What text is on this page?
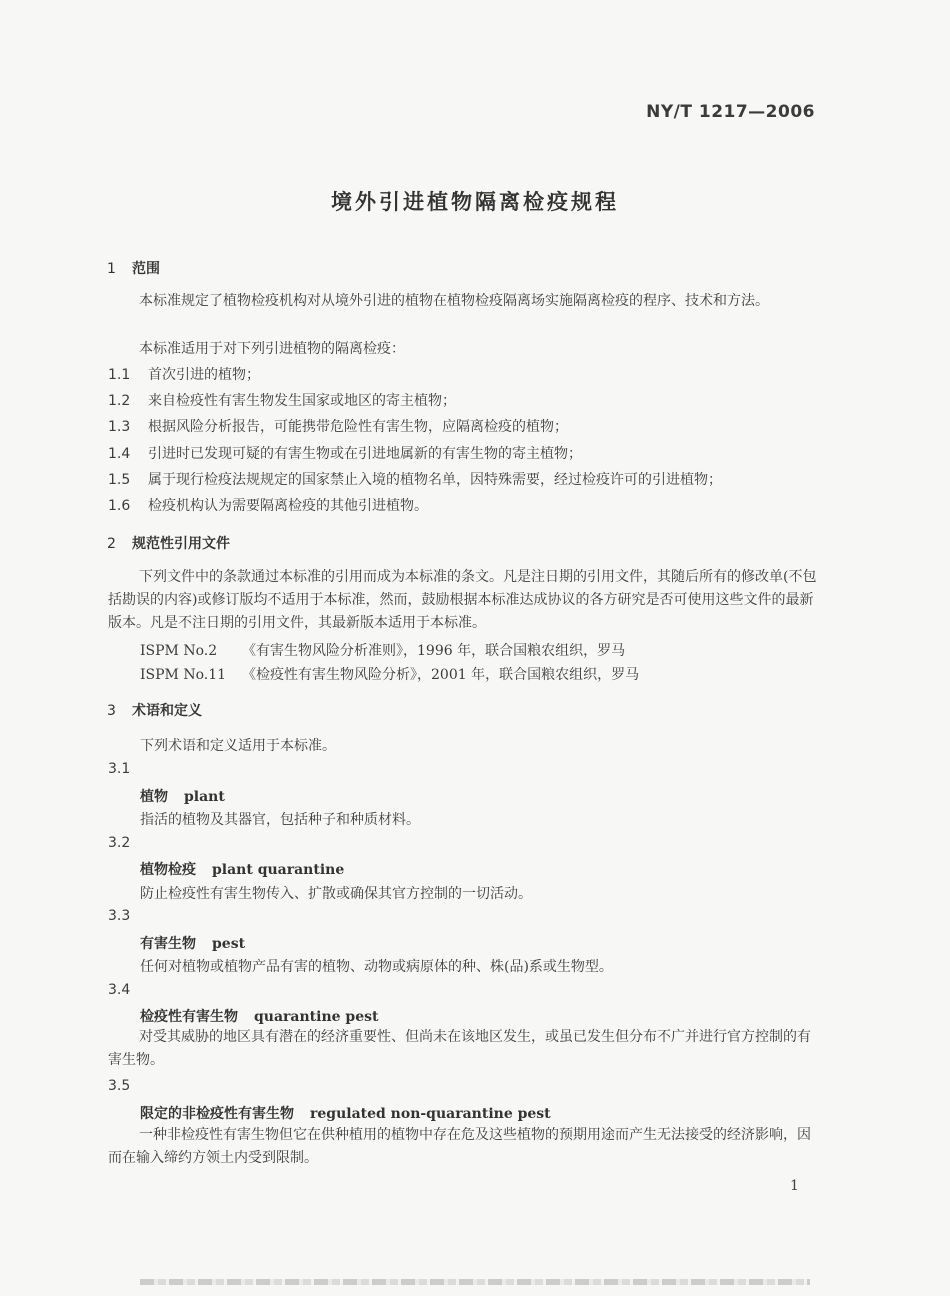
NY/T 1217—2006
境外引进植物隔离检疫规程
1 范围
本标准规定了植物检疫机构对从境外引进的植物在植物检疫隔离场实施隔离检疫的程序、技术和方法。
本标准适用于对下列引进植物的隔离检疫：
1.1 首次引进的植物；
1.2 来自检疫性有害生物发生国家或地区的寄主植物；
1.3 根据风险分析报告，可能携带危险性有害生物，应隔离检疫的植物；
1.4 引进时已发现可疑的有害生物或在引进地属新的有害生物的寄主植物；
1.5 属于现行检疫法规规定的国家禁止入境的植物名单，因特殊需要，经过检疫许可的引进植物；
1.6 检疫机构认为需要隔离检疫的其他引进植物。
2 规范性引用文件
下列文件中的条款通过本标准的引用而成为本标准的条文。凡是注日期的引用文件，其随后所有的修改单(不包括勘误的内容)或修订版均不适用于本标准，然而，鼓励根据本标准达成协议的各方研究是否可使用这些文件的最新版本。凡是不注日期的引用文件，其最新版本适用于本标准。
ISPM No.2 《有害生物风险分析准则》，1996 年，联合国粮农组织，罗马
ISPM No.11 《检疫性有害生物风险分析》，2001 年，联合国粮农组织，罗马
3 术语和定义
下列术语和定义适用于本标准。
3.1
植物 plant
指活的植物及其器官，包括种子和种质材料。
3.2
植物检疫 plant quarantine
防止检疫性有害生物传入、扩散或确保其官方控制的一切活动。
3.3
有害生物 pest
任何对植物或植物产品有害的植物、动物或病原体的种、株(品)系或生物型。
3.4
检疫性有害生物 quarantine pest
对受其威胁的地区具有潜在的经济重要性、但尚未在该地区发生，或虽已发生但分布不广并进行官方控制的有害生物。
3.5
限定的非检疫性有害生物 regulated non-quarantine pest
一种非检疫性有害生物但它在供种植用的植物中存在危及这些植物的预期用途而产生无法接受的经济影响，因而在输入缔约方领土内受到限制。
1
